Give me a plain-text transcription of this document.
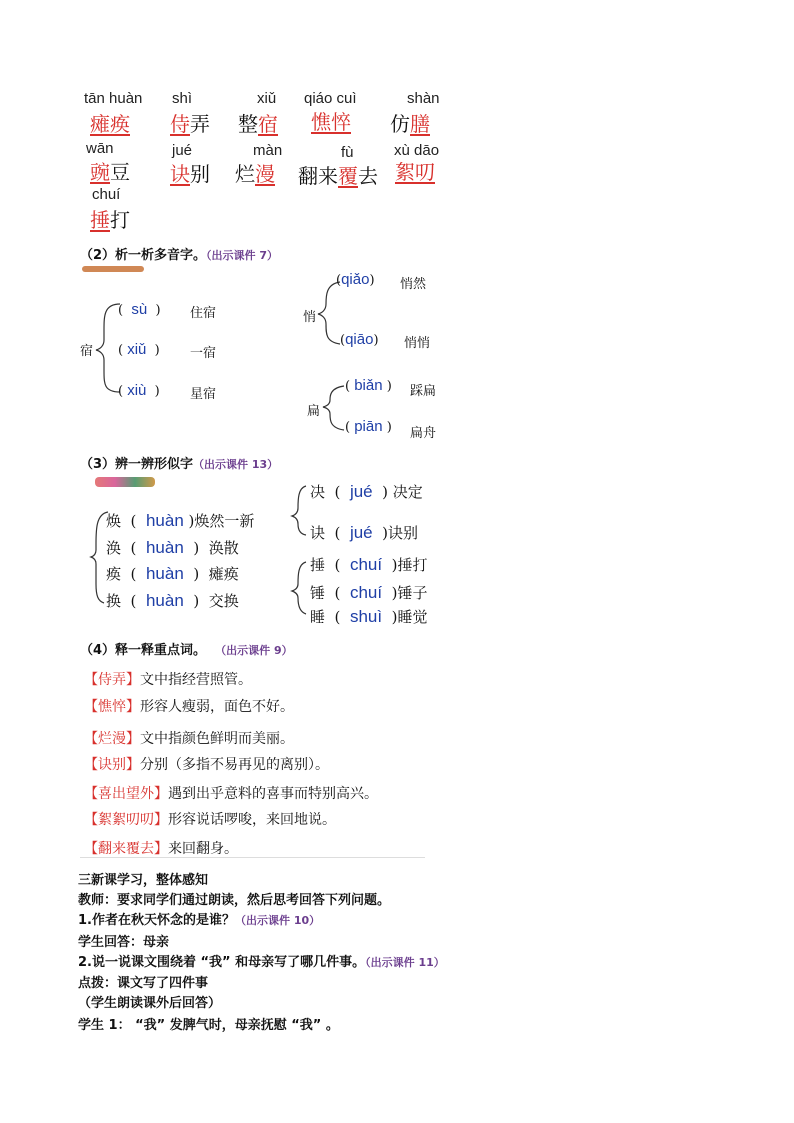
tān huàn
瘫痪
shì
侍弄
xiǔ
整宿
qiáo cuì
憔悴
shàn
仿膳
wān
豌豆
jué
诀别
màn
烂漫
fù
翻来覆去
xù dāo
絮叨
chuí
捶打
（2）析一析多音字。（出示课件 7）
宿
(  sù  ) 住宿
( xiǔ  ) 一宿
( xiù  ) 星宿
悄
(qiǎo) 悄然
(qiāo) 悄悄
扁
( biǎn ) 踩扁
( piān ) 扁舟
（3）辨一辨形似字（出示课件 13）
焕  (  huàn )焕然一新
涣  (  huàn  )  涣散
痪  (  huàn  )  瘫痪
换  (  huàn  )  交换
决  (  jué  ) 决定
诀  (  jué  )诀别
捶  (  chuí  )捶打
锤  (  chuí  )锤子
睡  (  shuì  )睡觉
（4）释一释重点词。 （出示课件 9）
【侍弄】文中指经营照管。
【憔悴】形容人瘦弱，面色不好。
【烂漫】文中指颜色鲜明而美丽。
【诀别】分别（多指不易再见的离别）。
【喜出望外】遇到出乎意料的喜事而特别高兴。
【絮絮叨叨】形容说话啰唆，来回地说。
【翻来覆去】来回翻身。
三新课学习，整体感知
教师：要求同学们通过朗读，然后思考回答下列问题。
1.作者在秋天怀念的是谁？（出示课件 10）
学生回答：母亲
2.说一说课文围绕着 “我” 和母亲写了哪几件事。（出示课件 11）
点拨：课文写了四件事
（学生朗读课外后回答）
学生 1： “我” 发脾气时，母亲抚慰 “我” 。
